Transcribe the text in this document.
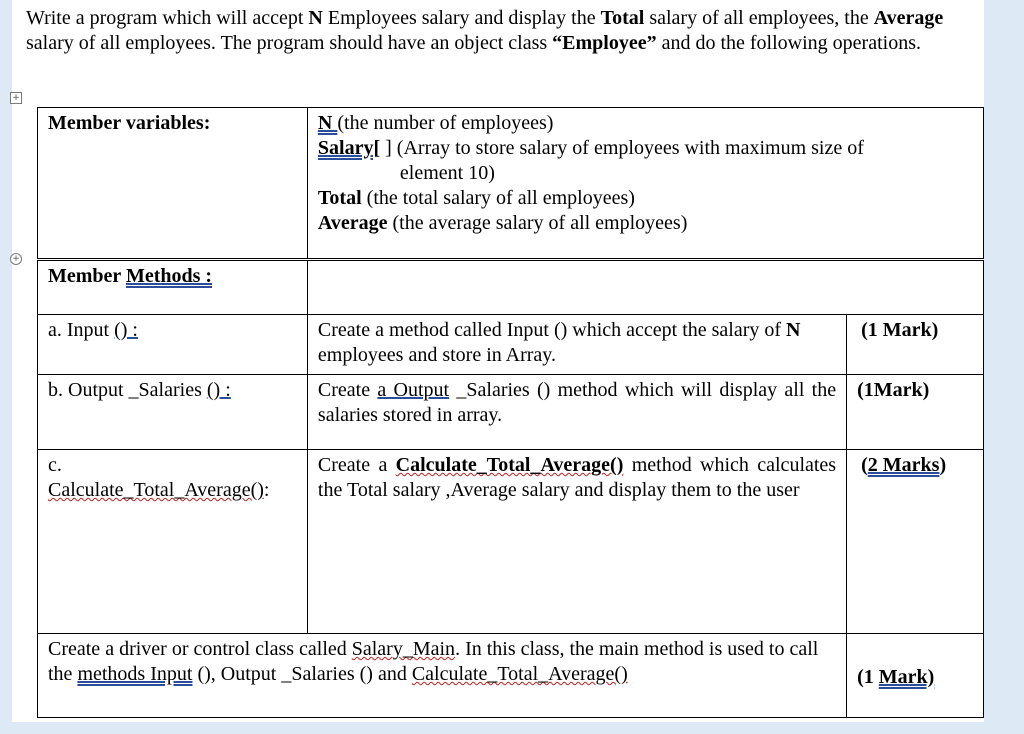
Write a program which will accept N Employees salary and display the Total salary of all employees, the Average salary of all employees. The program should have an object class “Employee” and do the following operations.
+
+
Member variables:	N (the number of employees)
Salary[ ] (Array to store salary of employees with maximum size of
element 10)
Total (the total salary of all employees)
Average (the average salary of all employees)	

Member Methods :		
a. Input () :	Create a method called Input () which accept the salary of N employees and store in Array.	(1 Mark)
b. Output _Salaries () :	Create a Output _Salaries () method which will display all the salaries stored in array.	(1Mark)

c.
Calculate_Total_Average():	Create a Calculate_Total_Average() method which calculates the Total salary ,Average salary and display them to the user	(2 Marks)
Create a driver or control class called Salary_Main. In this class, the main method is used to call the methods Input (), Output _Salaries () and Calculate_Total_Average()		(1 Mark)
